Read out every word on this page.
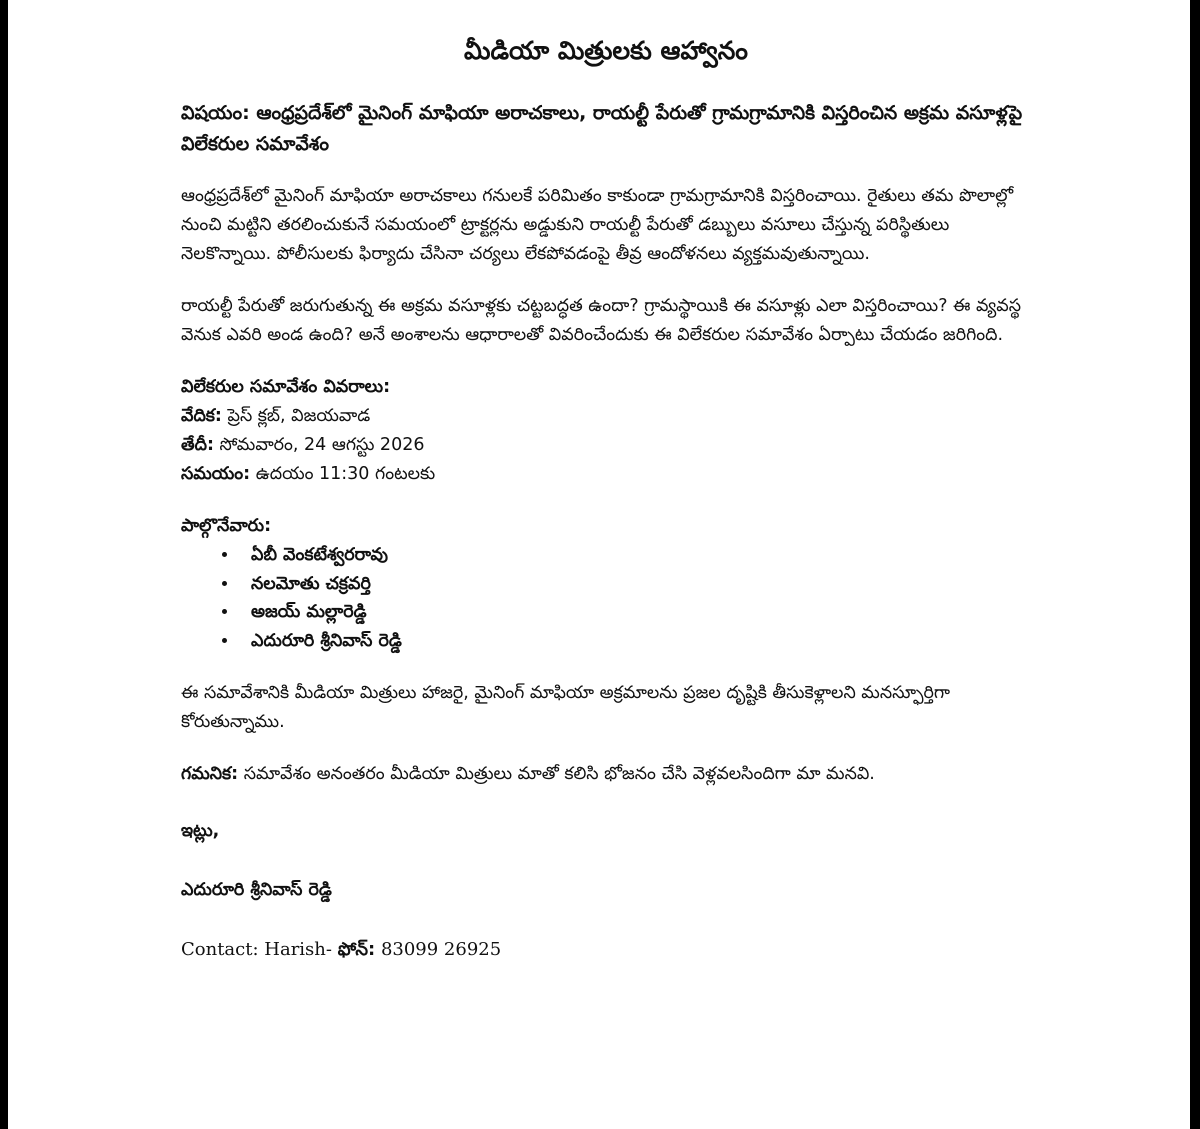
మీడియా మిత్రులకు ఆహ్వానం
విషయం: ఆంధ్రప్రదేశ్‌లో మైనింగ్ మాఫియా అరాచకాలు, రాయల్టీ పేరుతో గ్రామగ్రామానికి విస్తరించిన అక్రమ వసూళ్లపై విలేకరుల సమావేశం
ఆంధ్రప్రదేశ్‌లో మైనింగ్ మాఫియా అరాచకాలు గనులకే పరిమితం కాకుండా గ్రామగ్రామానికి విస్తరించాయి. రైతులు తమ పొలాల్లో నుంచి మట్టిని తరలించుకునే సమయంలో ట్రాక్టర్లను అడ్డుకుని రాయల్టీ పేరుతో డబ్బులు వసూలు చేస్తున్న పరిస్థితులు నెలకొన్నాయి. పోలీసులకు ఫిర్యాదు చేసినా చర్యలు లేకపోవడంపై తీవ్ర ఆందోళనలు వ్యక్తమవుతున్నాయి.
రాయల్టీ పేరుతో జరుగుతున్న ఈ అక్రమ వసూళ్లకు చట్టబద్ధత ఉందా? గ్రామస్థాయికి ఈ వసూళ్లు ఎలా విస్తరించాయి? ఈ వ్యవస్థ వెనుక ఎవరి అండ ఉంది? అనే అంశాలను ఆధారాలతో వివరించేందుకు ఈ విలేకరుల సమావేశం ఏర్పాటు చేయడం జరిగింది.
విలేకరుల సమావేశం వివరాలు:
వేదిక: ప్రెస్ క్లబ్, విజయవాడ
తేదీ: సోమవారం, 24 ఆగస్టు 2026
సమయం: ఉదయం 11:30 గంటలకు
పాల్గొనేవారు:
• ఏబీ వెంకటేశ్వరరావు
• నలమోతు చక్రవర్తి
• అజయ్ మల్లారెడ్డి
• ఎదురూరి శ్రీనివాస్ రెడ్డి
ఈ సమావేశానికి మీడియా మిత్రులు హాజరై, మైనింగ్ మాఫియా అక్రమాలను ప్రజల దృష్టికి తీసుకెళ్లాలని మనస్ఫూర్తిగా కోరుతున్నాము.
గమనిక: సమావేశం అనంతరం మీడియా మిత్రులు మాతో కలిసి భోజనం చేసి వెళ్లవలసిందిగా మా మనవి.
ఇట్లు,
ఎదురూరి శ్రీనివాస్ రెడ్డి
Contact: Harish- ఫోన్: 83099 26925
